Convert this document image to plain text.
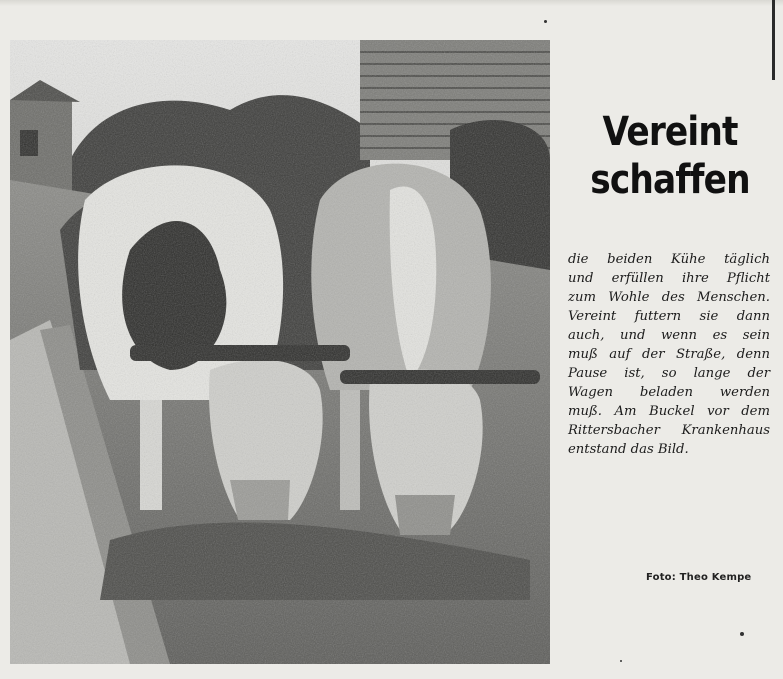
Vereint
schaffen
die beiden Kühe täglich
und erfüllen ihre Pflicht
zum Wohle des Menschen.
Vereint futtern sie dann
auch, und wenn es sein
muß auf der Straße, denn
Pause ist, so lange der
Wagen beladen werden
muß. Am Buckel vor dem
Rittersbacher Krankenhaus
entstand das Bild.
Foto: Theo Kempe
